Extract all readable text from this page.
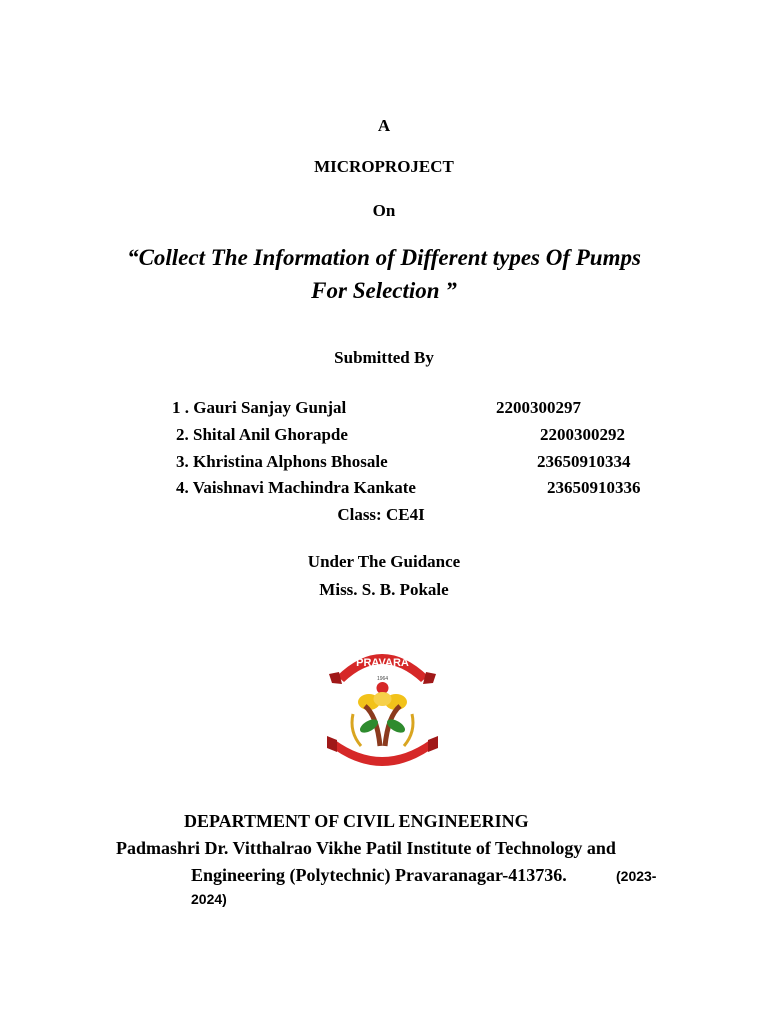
A
MICROPROJECT
On
“Collect The Information of Different types Of Pumps
For Selection ”
Submitted By
1 . Gauri Sanjay Gunjal	2200300297
2. Shital Anil Ghorapde	2200300292
3. Khristina Alphons Bhosale	23650910334
4. Vaishnavi Machindra Kankate	23650910336
Class: CE4I
Under The Guidance
Miss. S. B. Pokale
PRAVARA
1964
DEPARTMENT OF CIVIL ENGINEERING
Padmashri Dr. Vitthalrao Vikhe Patil Institute of Technology and
Engineering (Polytechnic) Pravaranagar-413736.	(2023-
2024)
